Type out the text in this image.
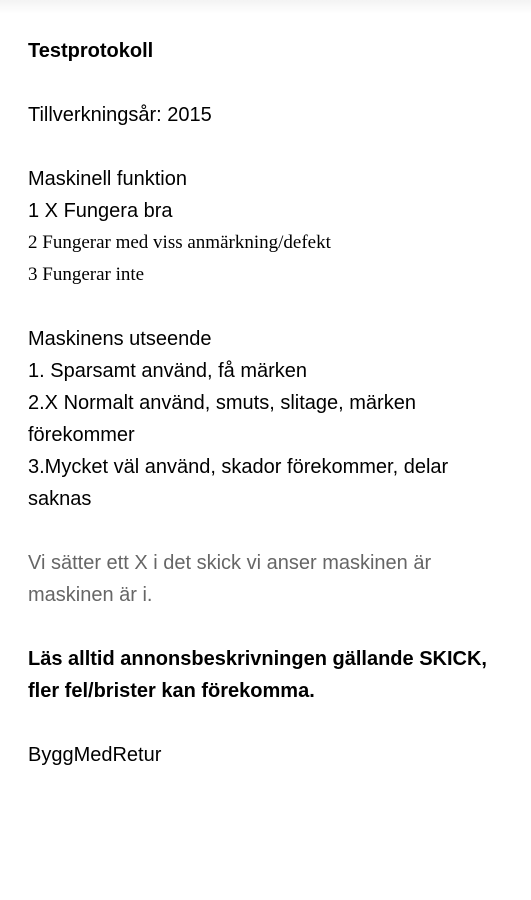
Testprotokoll

Tillverkningsår: 2015

Maskinell funktion

1 X Fungera bra

2 Fungerar med viss anmärkning/defekt

3 Fungerar inte

Maskinens utseende

1. Sparsamt använd, få märken

2.X Normalt använd, smuts, slitage, märken förekommer

3.Mycket väl använd, skador förekommer, delar saknas

Vi sätter ett X i det skick vi anser maskinen är maskinen är i.

Läs alltid annonsbeskrivningen gällande SKICK, fler fel/brister kan förekomma.

ByggMedRetur
